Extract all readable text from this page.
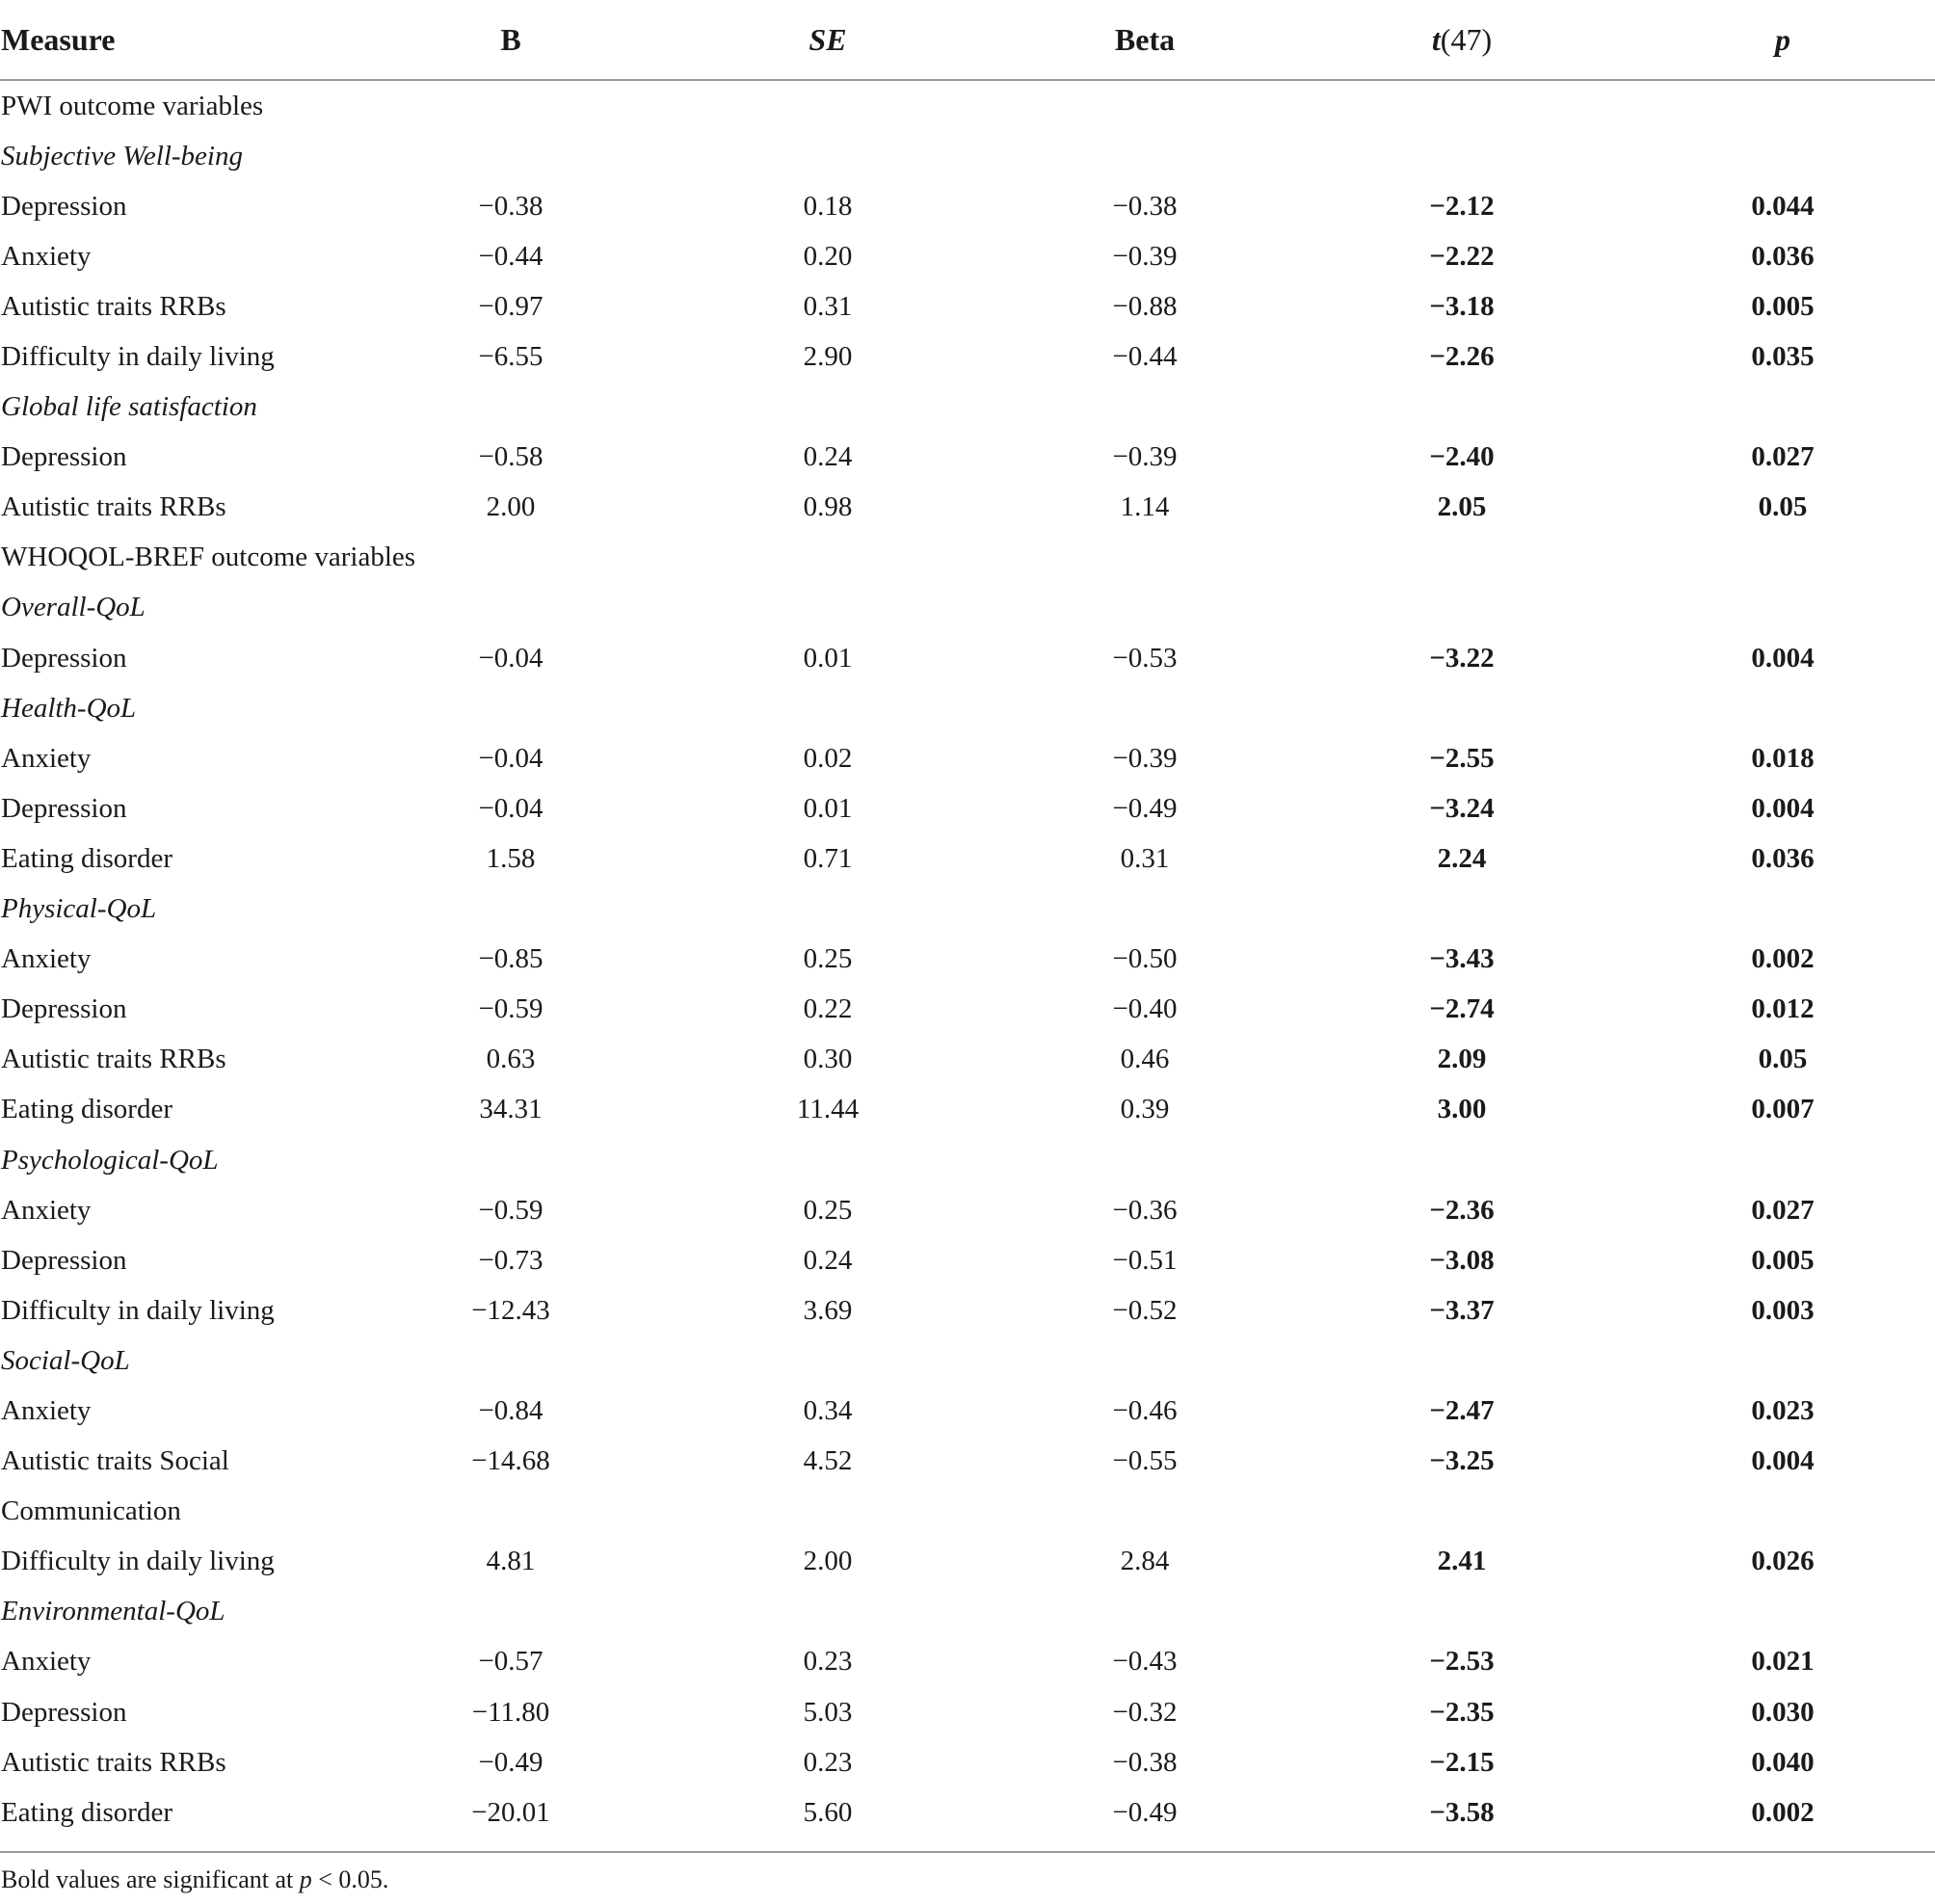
Measure	B	SE	Beta	t(47)	p
PWI outcome variables
Subjective Well-being
Depression	−0.38	0.18	−0.38	−2.12	0.044
Anxiety	−0.44	0.20	−0.39	−2.22	0.036
Autistic traits RRBs	−0.97	0.31	−0.88	−3.18	0.005
Difficulty in daily living	−6.55	2.90	−0.44	−2.26	0.035
Global life satisfaction
Depression	−0.58	0.24	−0.39	−2.40	0.027
Autistic traits RRBs	2.00	0.98	1.14	2.05	0.05
WHOQOL-BREF outcome variables
Overall-QoL
Depression	−0.04	0.01	−0.53	−3.22	0.004
Health-QoL
Anxiety	−0.04	0.02	−0.39	−2.55	0.018
Depression	−0.04	0.01	−0.49	−3.24	0.004
Eating disorder	1.58	0.71	0.31	2.24	0.036
Physical-QoL
Anxiety	−0.85	0.25	−0.50	−3.43	0.002
Depression	−0.59	0.22	−0.40	−2.74	0.012
Autistic traits RRBs	0.63	0.30	0.46	2.09	0.05
Eating disorder	34.31	11.44	0.39	3.00	0.007
Psychological-QoL
Anxiety	−0.59	0.25	−0.36	−2.36	0.027
Depression	−0.73	0.24	−0.51	−3.08	0.005
Difficulty in daily living	−12.43	3.69	−0.52	−3.37	0.003
Social-QoL
Anxiety	−0.84	0.34	−0.46	−2.47	0.023
Autistic traits Social	−14.68	4.52	−0.55	−3.25	0.004
Communication
Difficulty in daily living	4.81	2.00	2.84	2.41	0.026
Environmental-QoL
Anxiety	−0.57	0.23	−0.43	−2.53	0.021
Depression	−11.80	5.03	−0.32	−2.35	0.030
Autistic traits RRBs	−0.49	0.23	−0.38	−2.15	0.040
Eating disorder	−20.01	5.60	−0.49	−3.58	0.002
Bold values are significant at p < 0.05.
